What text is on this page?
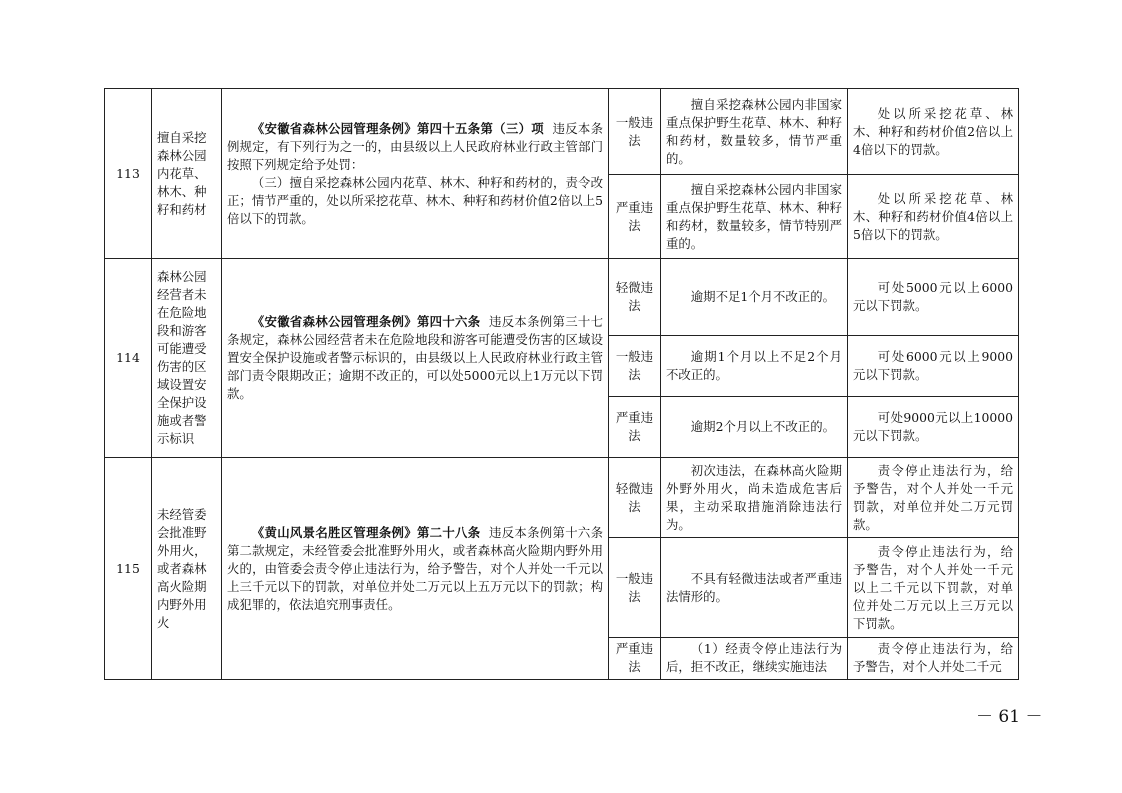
113	擅自采挖森林公园内花草、林木、种籽和药材	《安徽省森林公园管理条例》第四十五条第（三）项 违反本条例规定，有下列行为之一的，由县级以上人民政府林业行政主管部门按照下列规定给予处罚：

（三）擅自采挖森林公园内花草、林木、种籽和药材的，责令改正；情节严重的，处以所采挖花草、林木、种籽和药材价值2倍以上5倍以下的罚款。	一般违法	擅自采挖森林公园内非国家重点保护野生花草、林木、种籽和药材，数量较多，情节严重的。	处以所采挖花草、林木、种籽和药材价值2倍以上4倍以下的罚款。
			严重违法	擅自采挖森林公园内非国家重点保护野生花草、林木、种籽和药材，数量较多，情节特别严重的。	处以所采挖花草、林木、种籽和药材价值4倍以上5倍以下的罚款。
114	森林公园经营者未在危险地段和游客可能遭受伤害的区域设置安全保护设施或者警示标识	《安徽省森林公园管理条例》第四十六条 违反本条例第三十七条规定，森林公园经营者未在危险地段和游客可能遭受伤害的区域设置安全保护设施或者警示标识的，由县级以上人民政府林业行政主管部门责令限期改正；逾期不改正的，可以处5000元以上1万元以下罚款。	轻微违法	逾期不足1个月不改正的。	可处5000元以上6000元以下罚款。
			一般违法	逾期1个月以上不足2个月不改正的。	可处6000元以上9000元以下罚款。
			严重违法	逾期2个月以上不改正的。	可处9000元以上10000元以下罚款。
115	未经管委会批准野外用火，或者森林高火险期内野外用火	《黄山风景名胜区管理条例》第二十八条 违反本条例第十六条第二款规定，未经管委会批准野外用火，或者森林高火险期内野外用火的，由管委会责令停止违法行为，给予警告，对个人并处一千元以上三千元以下的罚款，对单位并处二万元以上五万元以下的罚款；构成犯罪的，依法追究刑事责任。	轻微违法	初次违法，在森林高火险期外野外用火，尚未造成危害后果，主动采取措施消除违法行为。	责令停止违法行为，给予警告，对个人并处一千元罚款，对单位并处二万元罚款。
			一般违法	不具有轻微违法或者严重违法情形的。	责令停止违法行为，给予警告，对个人并处一千元以上二千元以下罚款，对单位并处二万元以上三万元以下罚款。
			严重违法	（1）经责令停止违法行为后，拒不改正，继续实施违法	责令停止违法行为，给予警告，对个人并处二千元
－ 61 －
